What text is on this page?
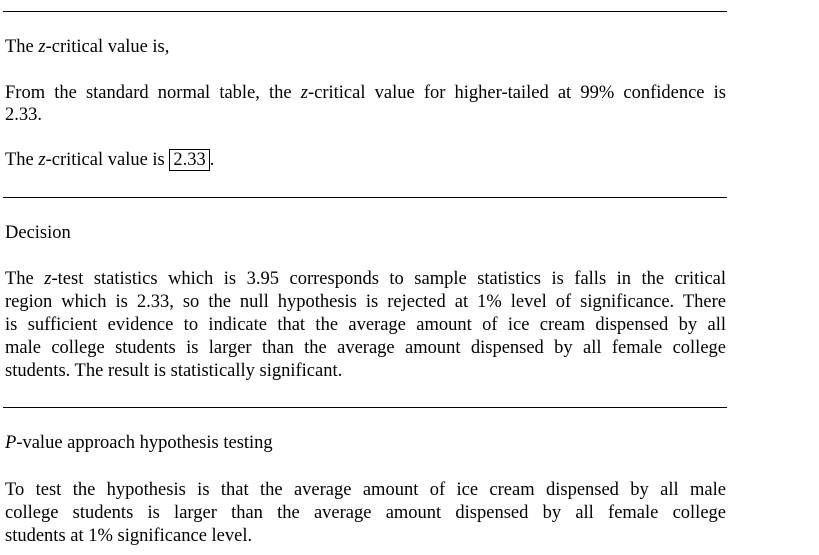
The z-critical value is,
From the standard normal table, the z-critical value for higher-tailed at 99% confidence is
2.33.
The z-critical value is 2.33 .
Decision
The z-test statistics which is 3.95 corresponds to sample statistics is falls in the critical
region which is 2.33, so the null hypothesis is rejected at 1% level of significance. There
is sufficient evidence to indicate that the average amount of ice cream dispensed by all
male college students is larger than the average amount dispensed by all female college
students. The result is statistically significant.
P-value approach hypothesis testing
To test the hypothesis is that the average amount of ice cream dispensed by all male
college students is larger than the average amount dispensed by all female college
students at 1% significance level.
